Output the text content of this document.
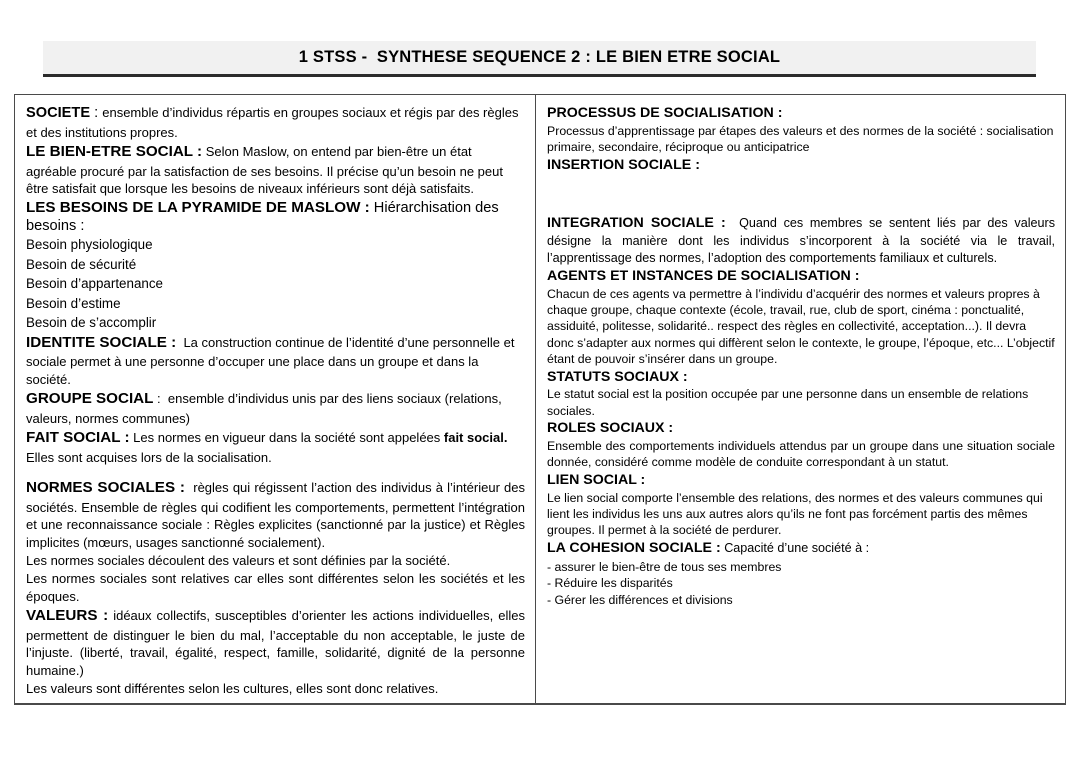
1 STSS -  SYNTHESE SEQUENCE 2 : LE BIEN ETRE SOCIAL

SOCIETE : ensemble d’individus répartis en groupes sociaux et régis par des règles et des institutions propres.

LE BIEN-ETRE SOCIAL : Selon Maslow, on entend par bien-être un état agréable procuré par la satisfaction de ses besoins. Il précise qu’un besoin ne peut être satisfait que lorsque les besoins de niveaux inférieurs sont déjà satisfaits.

LES BESOINS DE LA PYRAMIDE DE MASLOW : Hiérarchisation des besoins :

Besoin physiologique

Besoin de sécurité

Besoin d’appartenance

Besoin d’estime

Besoin de s’accomplir

IDENTITE SOCIALE : La construction continue de l’identité d’une personnelle et sociale permet à une personne d’occuper une place dans un groupe et dans la société.

GROUPE SOCIAL :  ensemble d’individus unis par des liens sociaux (relations, valeurs, normes communes)

FAIT SOCIAL : Les normes en vigueur dans la société sont appelées fait social. Elles sont acquises lors de la socialisation.

NORMES SOCIALES : règles qui régissent l’action des individus à l’intérieur des sociétés. Ensemble de règles qui codifient les comportements, permettent l’intégration et une reconnaissance sociale : Règles explicites (sanctionné par la justice) et Règles implicites (mœurs, usages sanctionné socialement).

Les normes sociales découlent des valeurs et sont définies par la société.

Les normes sociales sont relatives car elles sont différentes selon les sociétés et les époques.

VALEURS : idéaux collectifs, susceptibles d’orienter les actions individuelles, elles permettent de distinguer le bien du mal, l’acceptable du non acceptable, le juste de l’injuste. (liberté, travail, égalité, respect, famille, solidarité, dignité de la personne humaine.)

Les valeurs sont différentes selon les cultures, elles sont donc relatives.

PROCESSUS DE SOCIALISATION :

Processus d’apprentissage par étapes des valeurs et des normes de la société : socialisation primaire, secondaire, réciproque ou anticipatrice

INSERTION SOCIALE :

INTEGRATION SOCIALE : Quand ces membres se sentent liés par des valeurs désigne la manière dont les individus s’incorporent à la société via le travail, l’apprentissage des normes, l’adoption des comportements familiaux et culturels.

AGENTS ET INSTANCES DE SOCIALISATION :

Chacun de ces agents va permettre à l’individu d’acquérir des normes et valeurs propres à chaque groupe, chaque contexte (école, travail, rue, club de sport, cinéma : ponctualité, assiduité, politesse, solidarité.. respect des règles en collectivité, acceptation...). Il devra donc s’adapter aux normes qui diffèrent selon le contexte, le groupe, l’époque, etc... L’objectif étant de pouvoir s’insérer dans un groupe.

STATUTS SOCIAUX :

Le statut social est la position occupée par une personne dans un ensemble de relations sociales.

ROLES SOCIAUX :

Ensemble des comportements individuels attendus par un groupe dans une situation sociale donnée, considéré comme modèle de conduite correspondant à un statut.

LIEN SOCIAL :

Le lien social comporte l’ensemble des relations, des normes et des valeurs communes qui lient les individus les uns aux autres alors qu’ils ne font pas forcément partis des mêmes groupes. Il permet à la société de perdurer.

LA COHESION SOCIALE : Capacité d’une société à :

- assurer le bien-être de tous ses membres

- Réduire les disparités

- Gérer les différences et divisions
